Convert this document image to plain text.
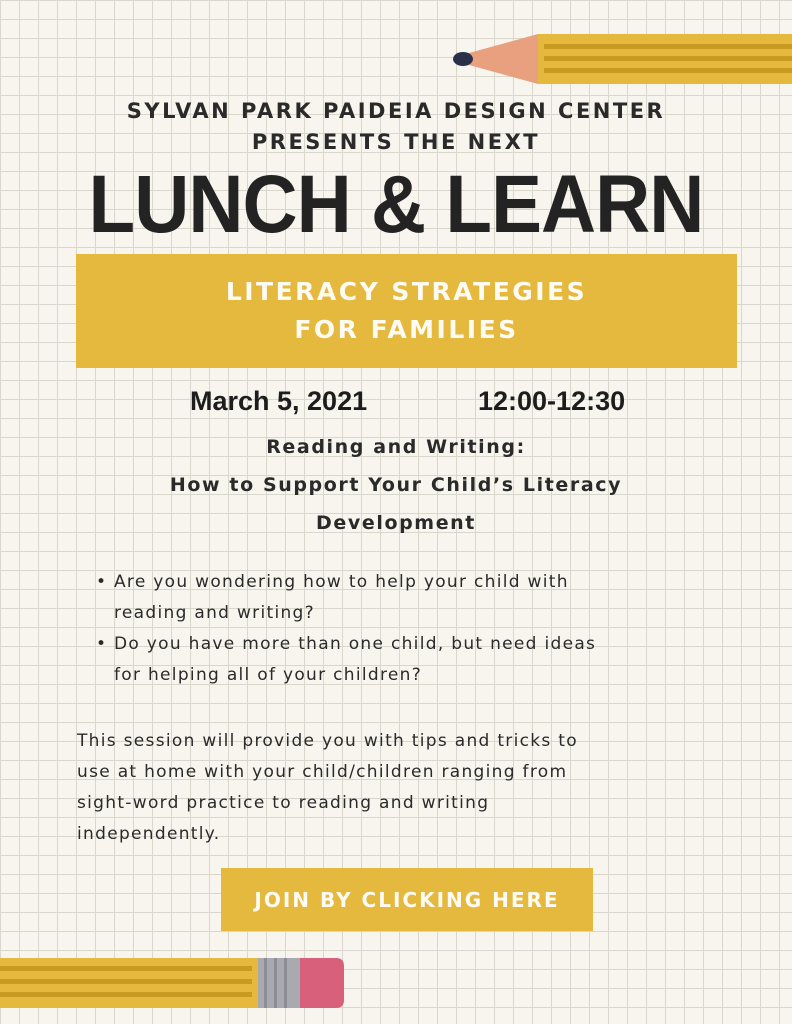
SYLVAN PARK PAIDEIA DESIGN CENTER
PRESENTS THE NEXT
LUNCH & LEARN
LITERACY STRATEGIES
FOR FAMILIES
March 5, 2021	12:00-12:30
Reading and Writing:
How to Support Your Child’s Literacy
Development
• Are you wondering how to help your child with
reading and writing?
• Do you have more than one child, but need ideas
for helping all of your children?
This session will provide you with tips and tricks to
use at home with your child/children ranging from
sight-word practice to reading and writing
independently.
JOIN BY CLICKING HERE
